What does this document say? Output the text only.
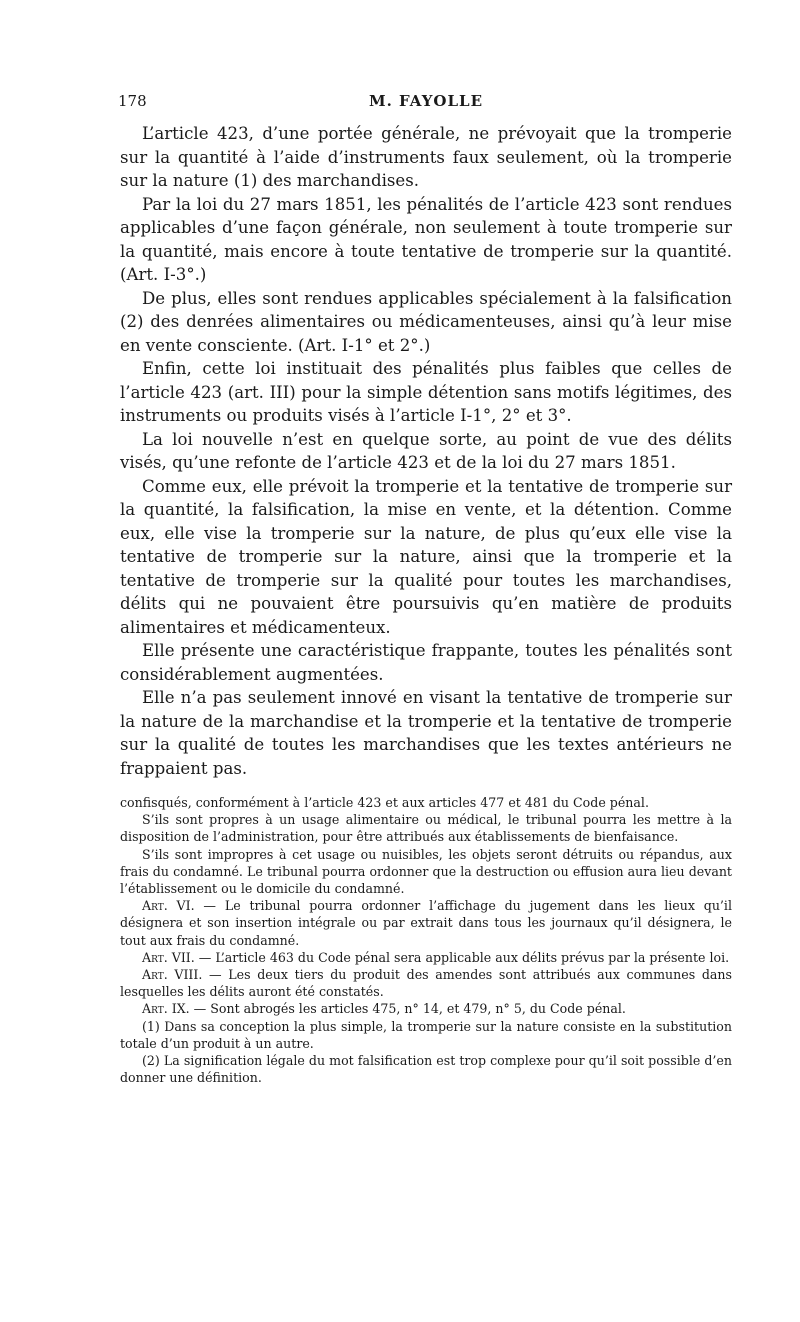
178	M. FAYOLLE

L’article 423, d’une portée générale, ne prévoyait que la tromperie sur la quantité à l’aide d’instruments faux seulement, où la tromperie sur la nature (1) des marchandises.

Par la loi du 27 mars 1851, les pénalités de l’article 423 sont rendues applicables d’une façon générale, non seulement à toute tromperie sur la quantité, mais encore à toute tentative de tromperie sur la quantité. (Art. I-3°.)

De plus, elles sont rendues applicables spécialement à la falsification (2) des denrées alimentaires ou médicamenteuses, ainsi qu’à leur mise en vente consciente. (Art. I-1° et 2°.)

Enfin, cette loi instituait des pénalités plus faibles que celles de l’article 423 (art. III) pour la simple détention sans motifs légitimes, des instruments ou produits visés à l’article I-1°, 2° et 3°.

La loi nouvelle n’est en quelque sorte, au point de vue des délits visés, qu’une refonte de l’article 423 et de la loi du 27 mars 1851.

Comme eux, elle prévoit la tromperie et la tentative de tromperie sur la quantité, la falsification, la mise en vente, et la détention. Comme eux, elle vise la tromperie sur la nature, de plus qu’eux elle vise la tentative de tromperie sur la nature, ainsi que la tromperie et la tentative de tromperie sur la qualité pour toutes les marchandises, délits qui ne pouvaient être poursuivis qu’en matière de produits alimentaires et médicamenteux.

Elle présente une caractéristique frappante, toutes les pénalités sont considérablement augmentées.

Elle n’a pas seulement innové en visant la tentative de tromperie sur la nature de la marchandise et la tromperie et la tentative de tromperie sur la qualité de toutes les marchandises que les textes antérieurs ne frappaient pas.

confisqués, conformément à l’article 423 et aux articles 477 et 481 du Code pénal.

S’ils sont propres à un usage alimentaire ou médical, le tribunal pourra les mettre à la disposition de l’administration, pour être attribués aux établissements de bienfaisance.

S’ils sont impropres à cet usage ou nuisibles, les objets seront détruits ou répandus, aux frais du condamné. Le tribunal pourra ordonner que la destruction ou effusion aura lieu devant l’établissement ou le domicile du condamné.

Art. VI. — Le tribunal pourra ordonner l’affichage du jugement dans les lieux qu’il désignera et son insertion intégrale ou par extrait dans tous les journaux qu’il désignera, le tout aux frais du condamné.

Art. VII. — L’article 463 du Code pénal sera applicable aux délits prévus par la présente loi.

Art. VIII. — Les deux tiers du produit des amendes sont attribués aux communes dans lesquelles les délits auront été constatés.

Art. IX. — Sont abrogés les articles 475, n° 14, et 479, n° 5, du Code pénal.

(1) Dans sa conception la plus simple, la tromperie sur la nature consiste en la substitution totale d’un produit à un autre.

(2) La signification légale du mot falsification est trop complexe pour qu’il soit possible d’en donner une définition.
